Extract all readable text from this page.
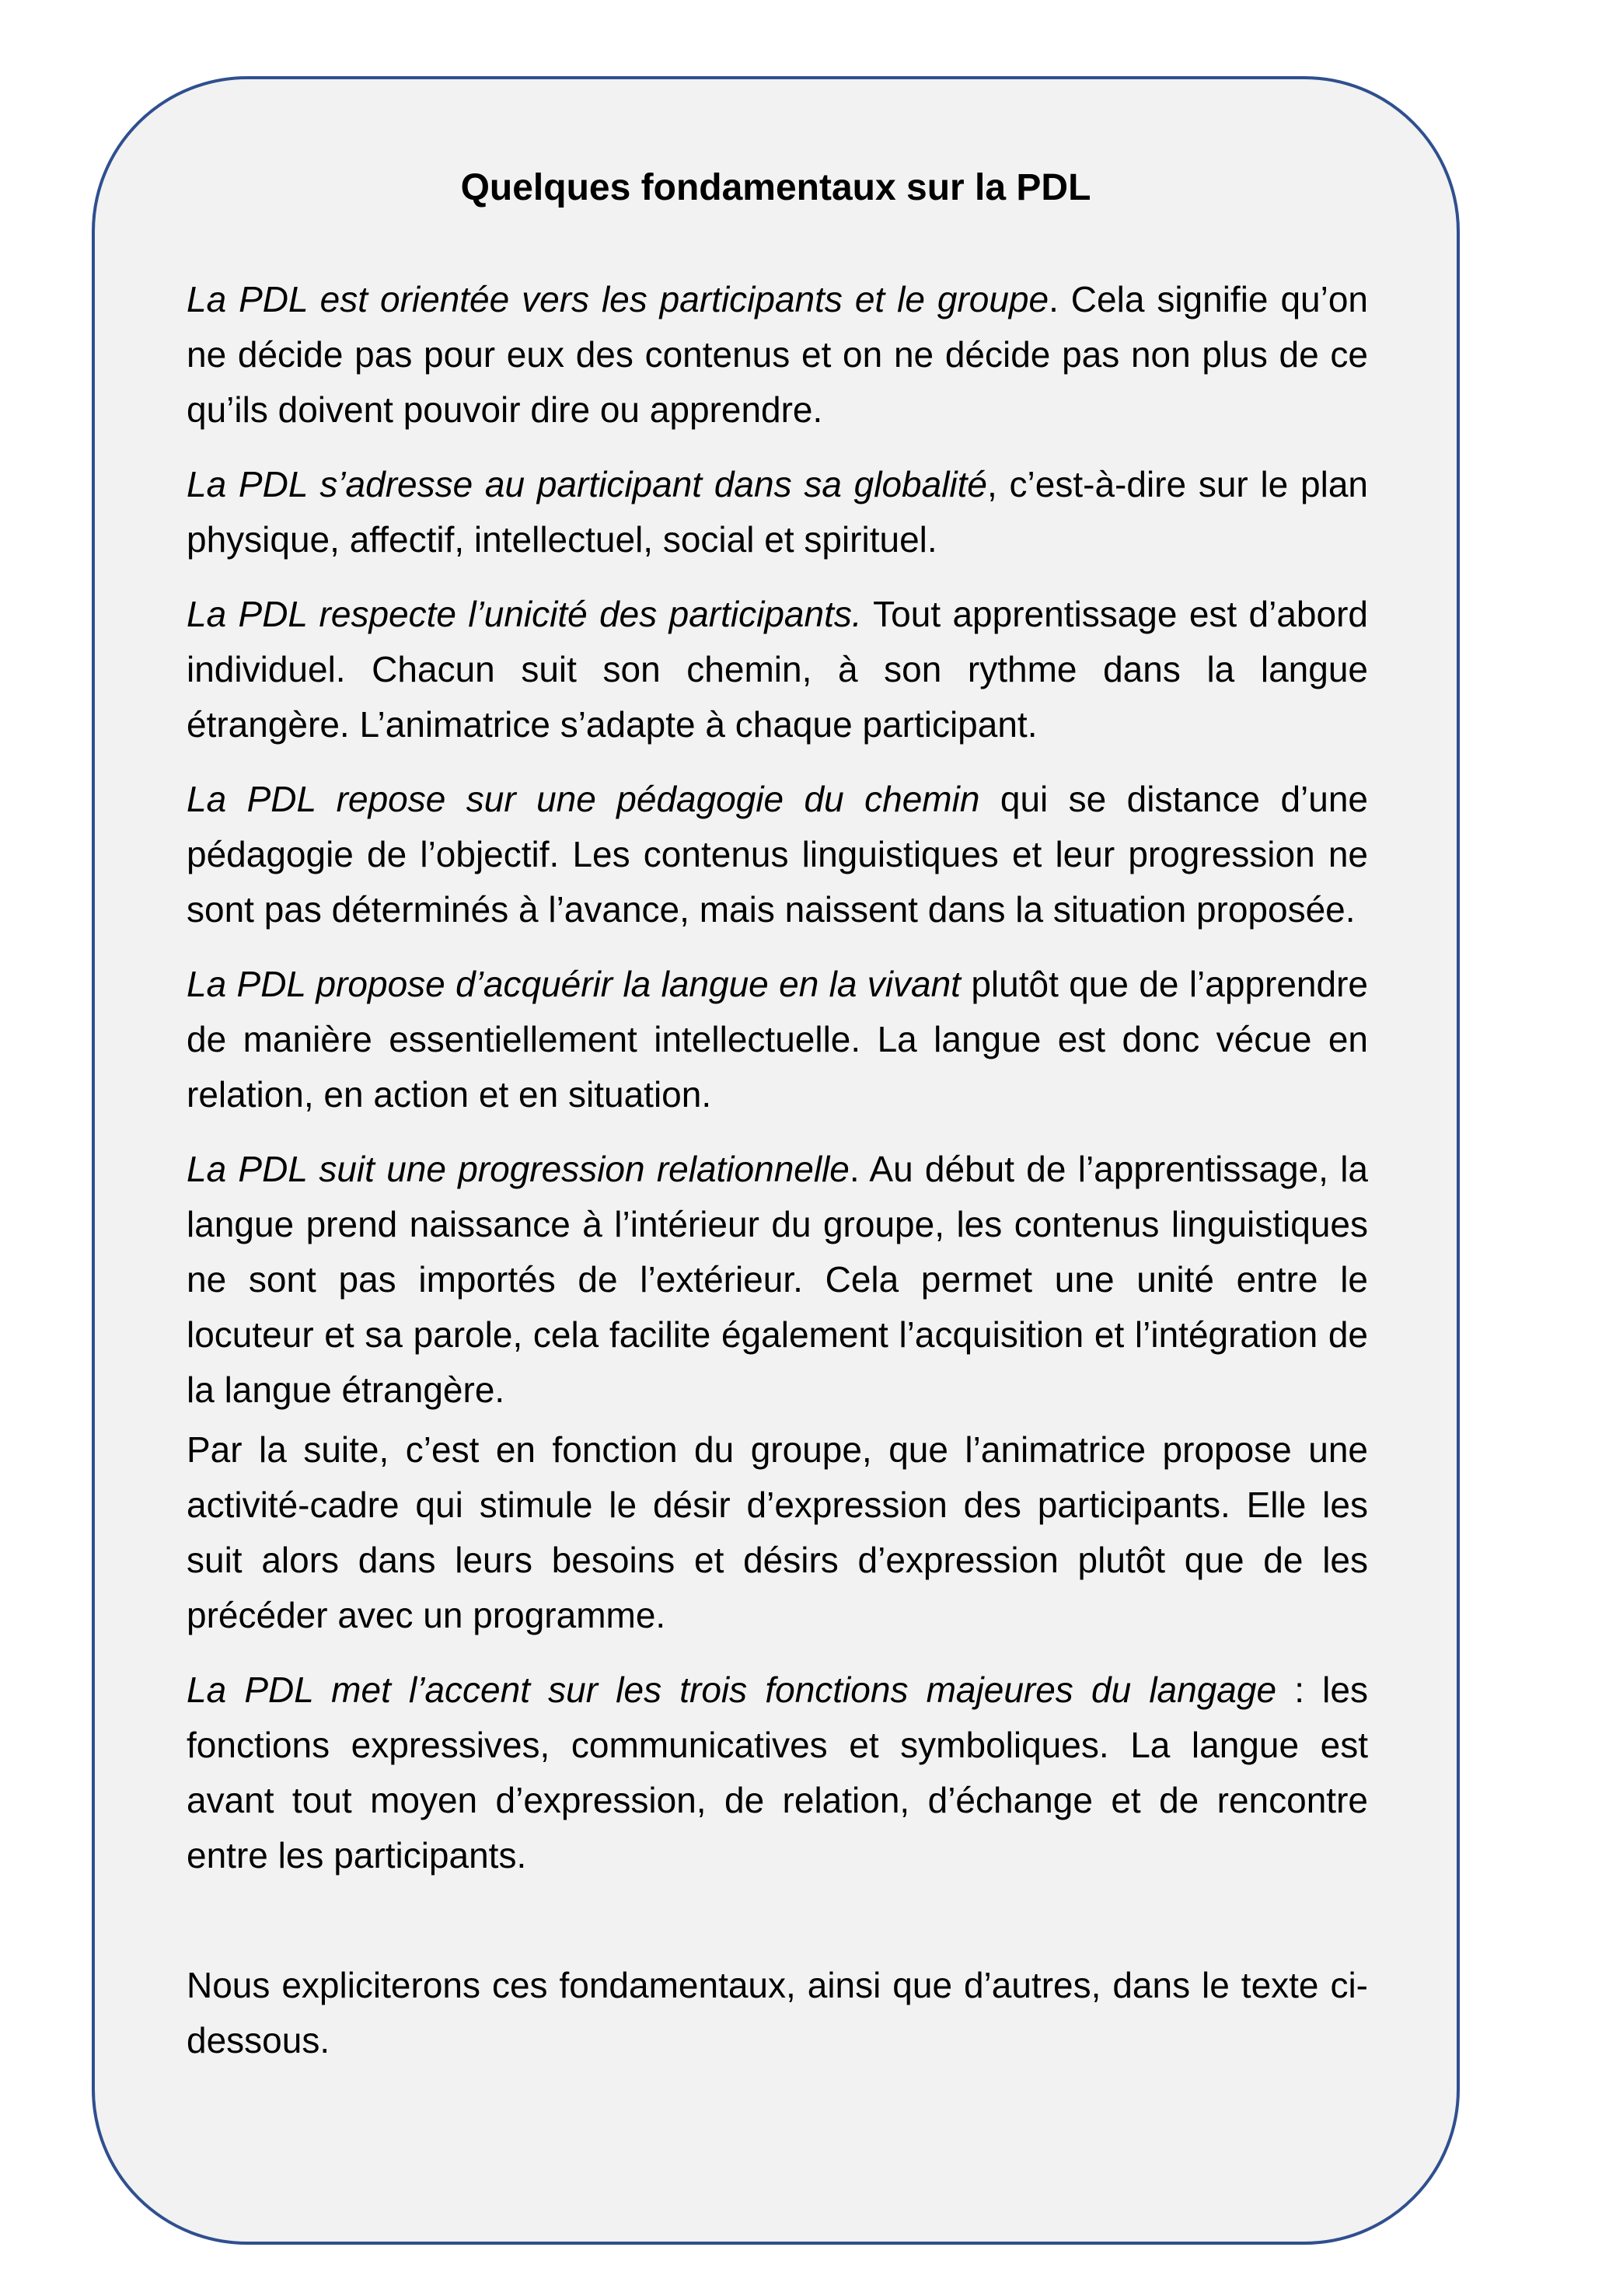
Quelques fondamentaux sur la PDL

La PDL est orientée vers les participants et le groupe. Cela signifie qu’on ne décide pas pour eux des contenus et on ne décide pas non plus de ce qu’ils doivent pouvoir dire ou apprendre.

La PDL s’adresse au participant dans sa globalité, c’est-à-dire sur le plan physique, affectif, intellectuel, social et spirituel.

La PDL respecte l’unicité des participants. Tout apprentissage est d’abord individuel. Chacun suit son chemin, à son rythme dans la langue étrangère. L’animatrice s’adapte à chaque participant.

La PDL repose sur une pédagogie du chemin qui se distance d’une pédagogie de l’objectif. Les contenus linguistiques et leur progression ne sont pas déterminés à l’avance, mais naissent dans la situation proposée.

La PDL propose d’acquérir la langue en la vivant plutôt que de l’apprendre de manière essentiellement intellectuelle. La langue est donc vécue en relation, en action et en situation.

La PDL suit une progression relationnelle. Au début de l’apprentissage, la langue prend naissance à l’intérieur du groupe, les contenus linguistiques ne sont pas importés de l’extérieur. Cela permet une unité entre le locuteur et sa parole, cela facilite également l’acquisition et l’intégration de la langue étrangère.

Par la suite, c’est en fonction du groupe, que l’animatrice propose une activité-cadre qui stimule le désir d’expression des participants. Elle les suit alors dans leurs besoins et désirs d’expression plutôt que de les précéder avec un programme.

La PDL met l’accent sur les trois fonctions majeures du langage : les fonctions expressives, communicatives et symboliques. La langue est avant tout moyen d’expression, de relation, d’échange et de rencontre entre les participants.

Nous expliciterons ces fondamentaux, ainsi que d’autres, dans le texte ci-dessous.
